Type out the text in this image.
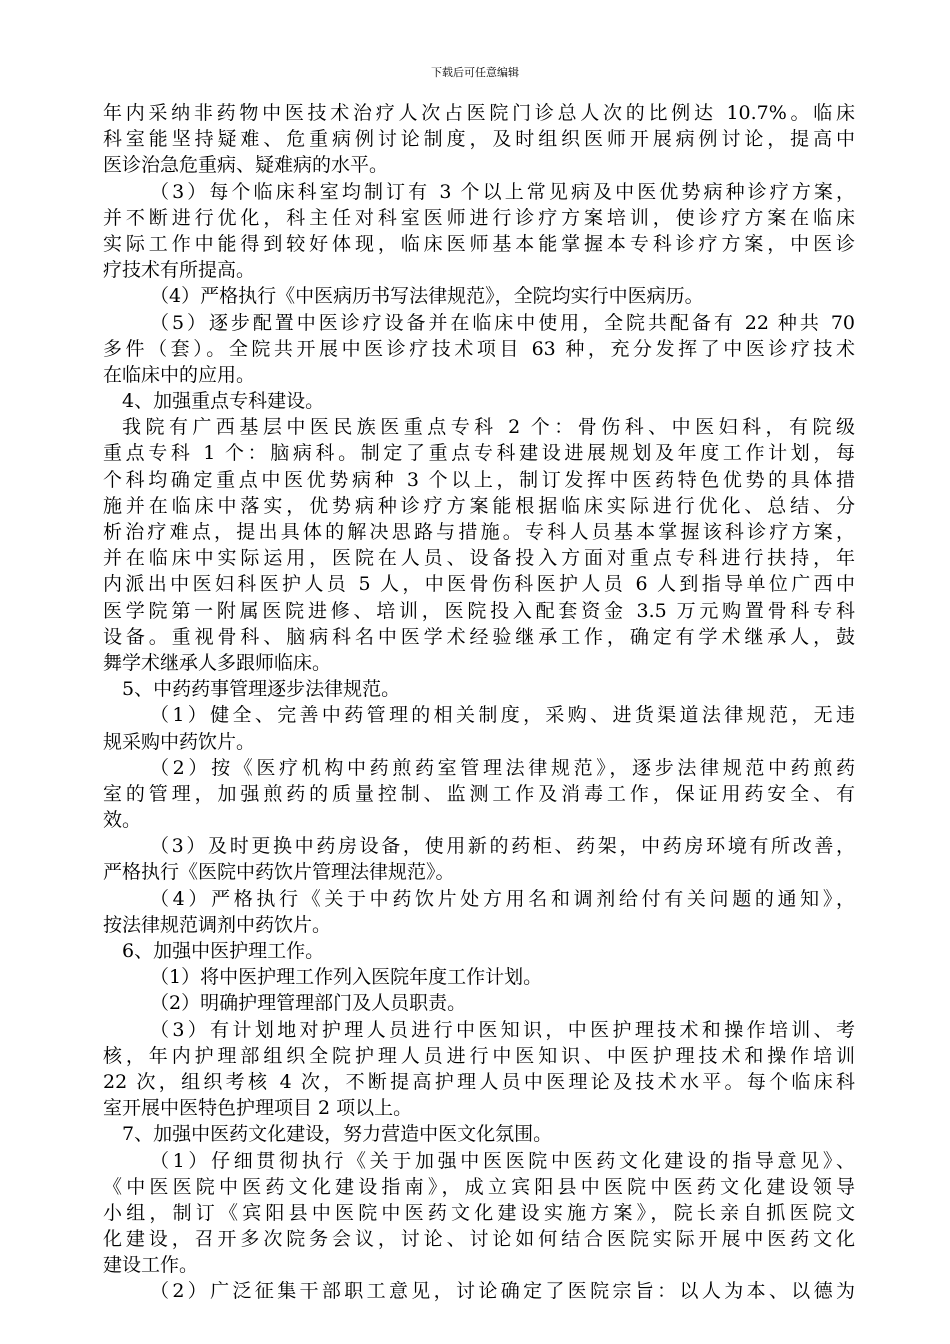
下载后可任意编辑
年内采纳非药物中医技术治疗人次占医院门诊总人次的比例达 10.7%。临床
科室能坚持疑难、危重病例讨论制度，及时组织医师开展病例讨论，提高中
医诊治急危重病、疑难病的水平。
（3）每个临床科室均制订有 3 个以上常见病及中医优势病种诊疗方案，
并不断进行优化，科主任对科室医师进行诊疗方案培训，使诊疗方案在临床
实际工作中能得到较好体现，临床医师基本能掌握本专科诊疗方案，中医诊
疗技术有所提高。
（4）严格执行《中医病历书写法律规范》，全院均实行中医病历。
（5）逐步配置中医诊疗设备并在临床中使用，全院共配备有 22 种共 70
多件（套）。全院共开展中医诊疗技术项目 63 种，充分发挥了中医诊疗技术
在临床中的应用。
4、加强重点专科建设。
我院有广西基层中医民族医重点专科 2 个：骨伤科、中医妇科，有院级
重点专科 1 个：脑病科。制定了重点专科建设进展规划及年度工作计划，每
个科均确定重点中医优势病种 3 个以上，制订发挥中医药特色优势的具体措
施并在临床中落实，优势病种诊疗方案能根据临床实际进行优化、总结、分
析治疗难点，提出具体的解决思路与措施。专科人员基本掌握该科诊疗方案，
并在临床中实际运用，医院在人员、设备投入方面对重点专科进行扶持，年
内派出中医妇科医护人员 5 人，中医骨伤科医护人员 6 人到指导单位广西中
医学院第一附属医院进修、培训，医院投入配套资金 3.5 万元购置骨科专科
设备。重视骨科、脑病科名中医学术经验继承工作，确定有学术继承人，鼓
舞学术继承人多跟师临床。
5、中药药事管理逐步法律规范。
（1）健全、完善中药管理的相关制度，采购、进货渠道法律规范，无违
规采购中药饮片。
（2）按《医疗机构中药煎药室管理法律规范》，逐步法律规范中药煎药
室的管理，加强煎药的质量控制、监测工作及消毒工作，保证用药安全、有
效。
（3）及时更换中药房设备，使用新的药柜、药架，中药房环境有所改善，
严格执行《医院中药饮片管理法律规范》。
（4）严格执行《关于中药饮片处方用名和调剂给付有关问题的通知》，
按法律规范调剂中药饮片。
6、加强中医护理工作。
（1）将中医护理工作列入医院年度工作计划。
（2）明确护理管理部门及人员职责。
（3）有计划地对护理人员进行中医知识，中医护理技术和操作培训、考
核，年内护理部组织全院护理人员进行中医知识、中医护理技术和操作培训
22 次，组织考核 4 次，不断提高护理人员中医理论及技术水平。每个临床科
室开展中医特色护理项目 2 项以上。
7、加强中医药文化建设，努力营造中医文化氛围。
（1）仔细贯彻执行《关于加强中医医院中医药文化建设的指导意见》、
《中医医院中医药文化建设指南》，成立宾阳县中医院中医药文化建设领导
小组，制订《宾阳县中医院中医药文化建设实施方案》，院长亲自抓医院文
化建设，召开多次院务会议，讨论、讨论如何结合医院实际开展中医药文化
建设工作。
（2）广泛征集干部职工意见，讨论确定了医院宗旨：以人为本、以德为
